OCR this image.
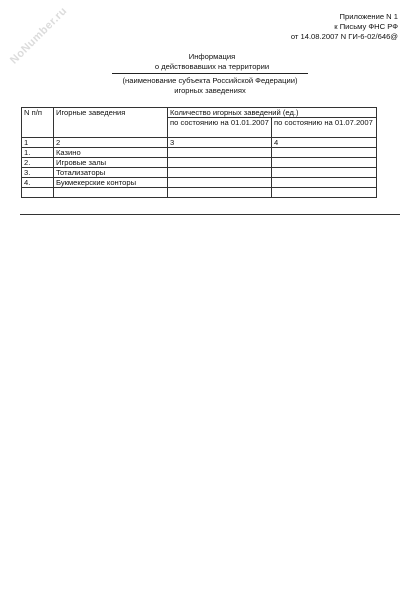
NoNumber.ru	Приложение N 1
к Письму ФНС РФ
от 14.08.2007 N ГИ-6-02/646@
Информация
о действовавших на территории
(наименование субъекта Российской Федерации)
игорных заведениях
N п/п	Игорные заведения	Количество игорных заведений (ед.)	
		по состоянию на 01.01.2007	по состоянию на 01.07.2007
1	2	3	4
1.	Казино		
2.	Игровые залы		
3.	Тотализаторы		
4.	Букмекерские конторы		
